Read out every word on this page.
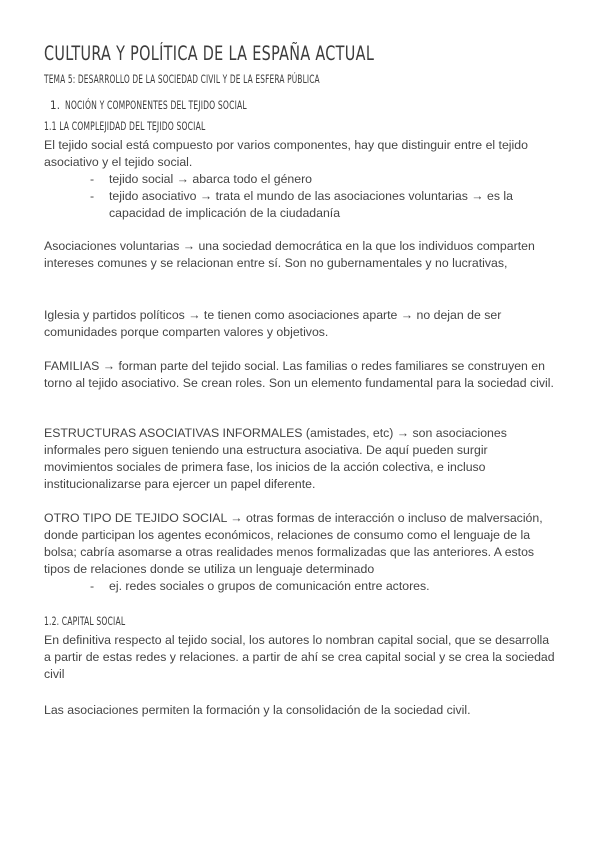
CULTURA Y POLÍTICA DE LA ESPAÑA ACTUAL
TEMA 5: DESARROLLO DE LA SOCIEDAD CIVIL Y DE LA ESFERA PÚBLICA
1. NOCIÓN Y COMPONENTES DEL TEJIDO SOCIAL
1.1 LA COMPLEJIDAD DEL TEJIDO SOCIAL
El tejido social está compuesto por varios componentes, hay que distinguir entre el tejido asociativo y el tejido social.
- tejido social → abarca todo el género
- tejido asociativo → trata el mundo de las asociaciones voluntarias → es la capacidad de implicación de la ciudadanía
Asociaciones voluntarias → una sociedad democrática en la que los individuos comparten intereses comunes y se relacionan entre sí. Son no gubernamentales y no lucrativas,
Iglesia y partidos políticos → te tienen como asociaciones aparte → no dejan de ser comunidades porque comparten valores y objetivos.
FAMILIAS → forman parte del tejido social. Las familias o redes familiares se construyen en torno al tejido asociativo. Se crean roles. Son un elemento fundamental para la sociedad civil.
ESTRUCTURAS ASOCIATIVAS INFORMALES (amistades, etc) → son asociaciones informales pero siguen teniendo una estructura asociativa. De aquí pueden surgir movimientos sociales de primera fase, los inicios de la acción colectiva, e incluso institucionalizarse para ejercer un papel diferente.
OTRO TIPO DE TEJIDO SOCIAL → otras formas de interacción o incluso de malversación, donde participan los agentes económicos, relaciones de consumo como el lenguaje de la bolsa; cabría asomarse a otras realidades menos formalizadas que las anteriores. A estos tipos de relaciones donde se utiliza un lenguaje determinado
- ej. redes sociales o grupos de comunicación entre actores.
1.2. CAPITAL SOCIAL
En definitiva respecto al tejido social, los autores lo nombran capital social, que se desarrolla a partir de estas redes y relaciones. a partir de ahí se crea capital social y se crea la sociedad civil
Las asociaciones permiten la formación y la consolidación de la sociedad civil.
